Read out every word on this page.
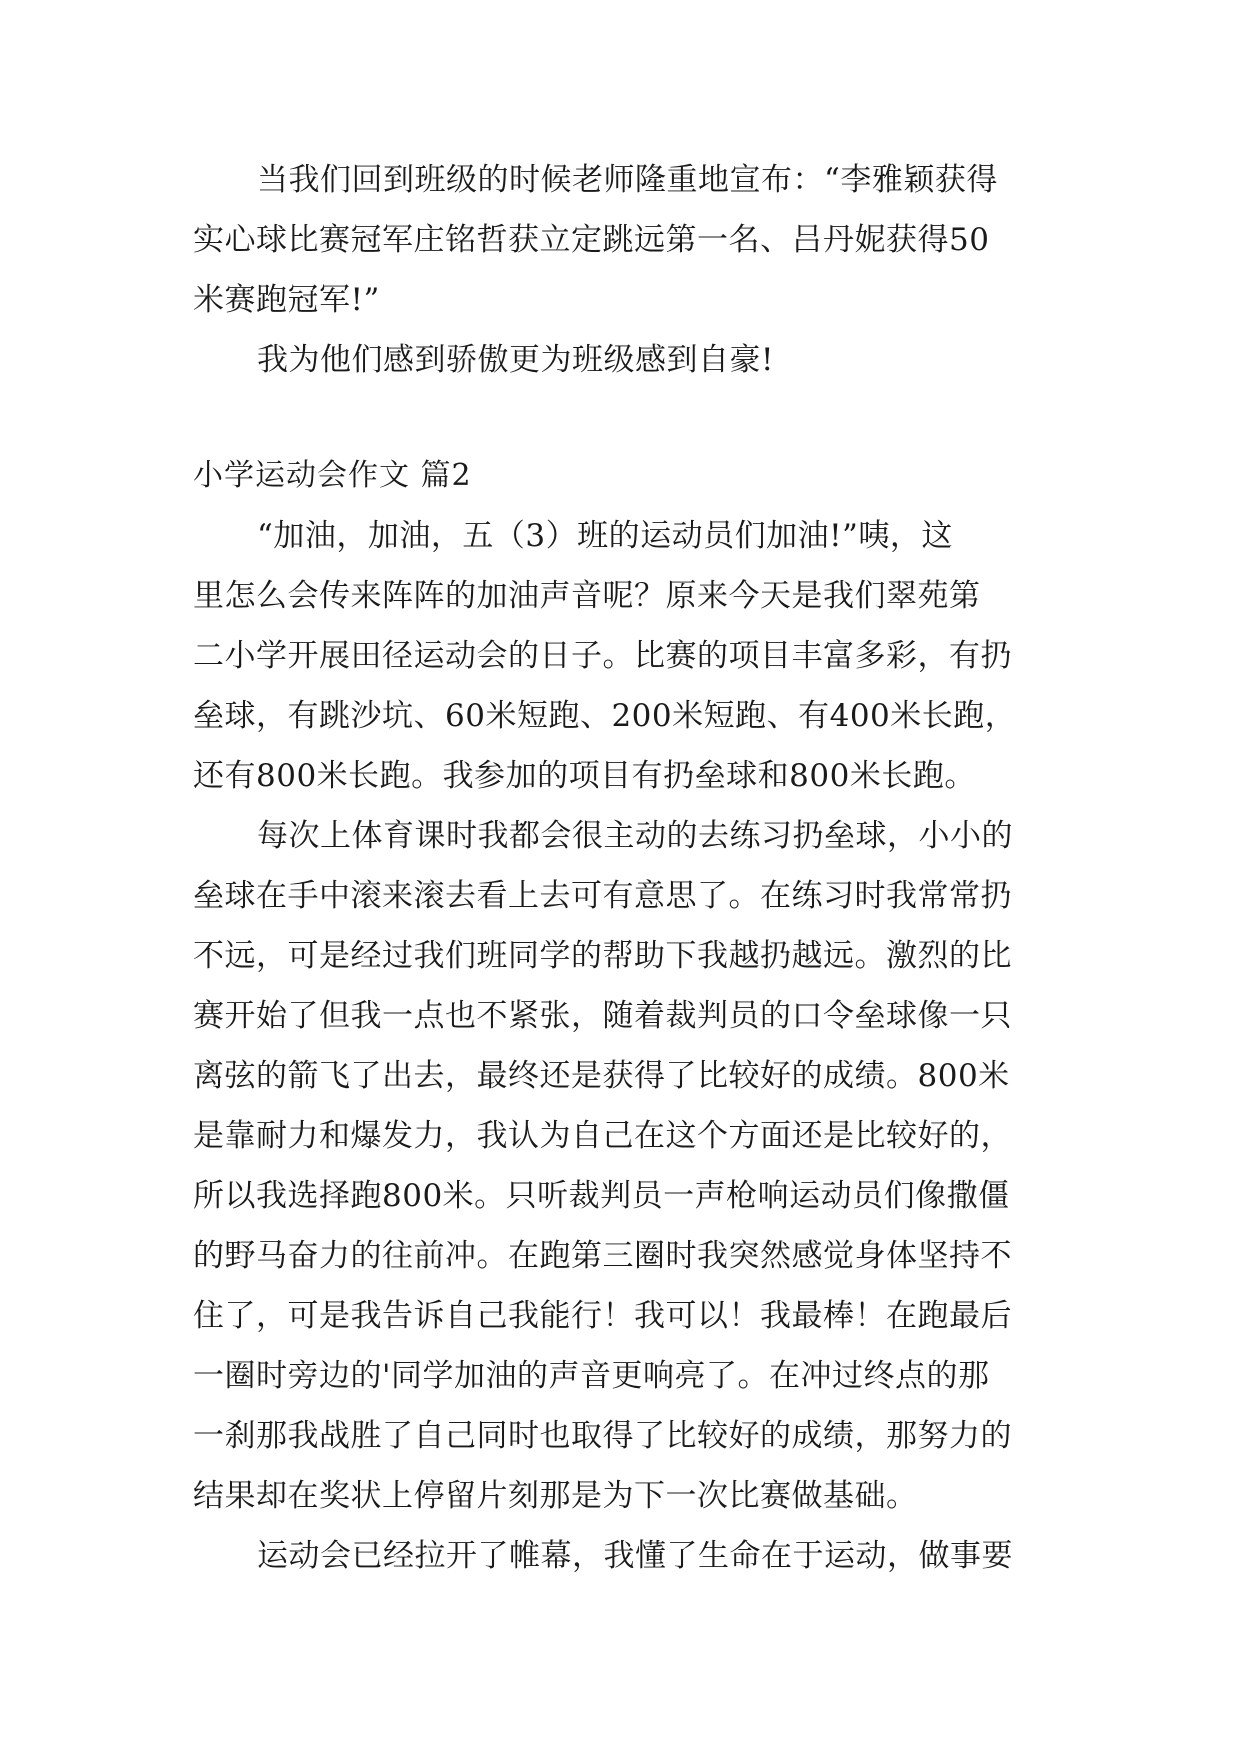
当我们回到班级的时候老师隆重地宣布：“李雅颖获得
实心球比赛冠军庄铭哲获立定跳远第一名、吕丹妮获得50
米赛跑冠军!”
我为他们感到骄傲更为班级感到自豪!
小学运动会作文 篇2
“加油，加油，五（3）班的运动员们加油!”咦，这
里怎么会传来阵阵的加油声音呢？原来今天是我们翠苑第
二小学开展田径运动会的日子。比赛的项目丰富多彩，有扔
垒球，有跳沙坑、60米短跑、200米短跑、有400米长跑，
还有800米长跑。我参加的项目有扔垒球和800米长跑。
每次上体育课时我都会很主动的去练习扔垒球，小小的
垒球在手中滚来滚去看上去可有意思了。在练习时我常常扔
不远，可是经过我们班同学的帮助下我越扔越远。激烈的比
赛开始了但我一点也不紧张，随着裁判员的口令垒球像一只
离弦的箭飞了出去，最终还是获得了比较好的成绩。800米
是靠耐力和爆发力，我认为自己在这个方面还是比较好的，
所以我选择跑800米。只听裁判员一声枪响运动员们像撒僵
的野马奋力的往前冲。在跑第三圈时我突然感觉身体坚持不
住了，可是我告诉自己我能行！我可以！我最棒！在跑最后
一圈时旁边的'同学加油的声音更响亮了。在冲过终点的那
一刹那我战胜了自己同时也取得了比较好的成绩，那努力的
结果却在奖状上停留片刻那是为下一次比赛做基础。
运动会已经拉开了帷幕，我懂了生命在于运动，做事要
